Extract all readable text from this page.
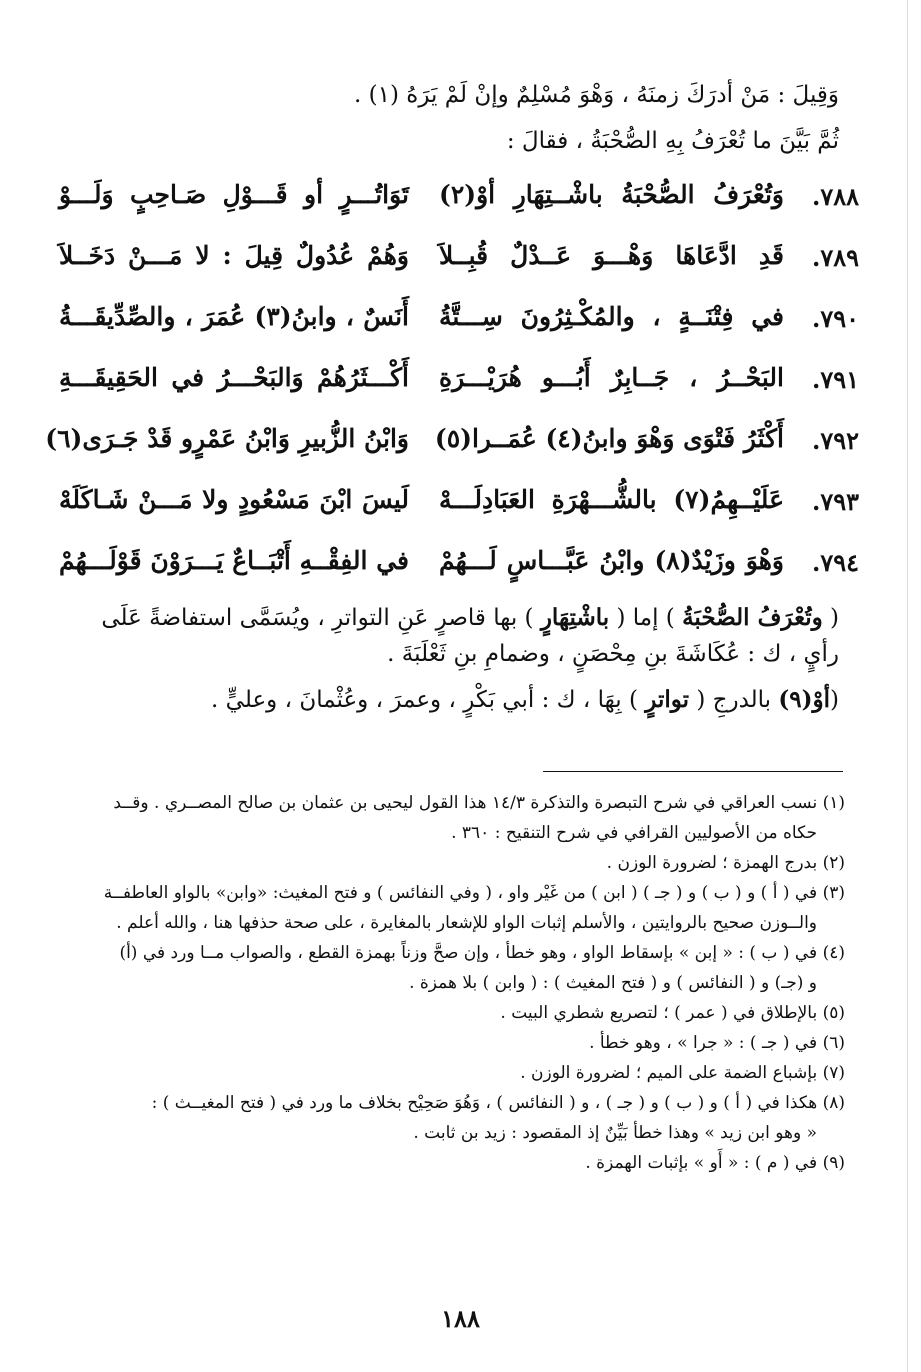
وَقِيلَ : مَنْ أدرَكَ زمنَهُ ، وَهْوَ مُسْلِمٌ وإنْ لَمْ يَرَهُ (١) .
ثُمَّ بَيَّنَ ما تُعْرَفُ بِهِ الصُّحْبَةُ ، فقالَ :
٧٨٨.
وَتُعْرَفُ الصُّحْبَةُ باشْــتِهَارِ أوْ(٢)
تَوَاتُـــرٍ أو قَـــوْلِ صَـاحِبٍ وَلَـــوْ
٧٨٩.
قَدِ ادَّعَاهَا وَهْـــوَ عَــدْلٌ قُبِــلاَ
وَهُمْ عُدُولٌ قِيلَ : لا مَـــنْ دَخَــلاَ
٧٩٠.
في فِتْنَــةٍ ، والمُكْـثِرُونَ سِـــتَّةُ
أَنَسٌ ، وابنُ(٣) عُمَرَ ، والصِّدِّيقَـــةُ
٧٩١.
البَحْــرُ ، جَــابِرٌ أَبُـــو هُرَيْـــرَةِ
أَكْـــثَرُهُمْ وَالبَحْـــرُ في الحَقِيقَـــةِ
٧٩٢.
أَكْثَرُ فَتْوَى وَهْوَ وابنُ(٤) عُمَــرا(٥)
وَابْنُ الزُّبيرِ وَابْنُ عَمْرٍو قَدْ جَـرَى(٦)
٧٩٣.
عَلَيْــهِمُ(٧) بالشُّـــهْرَةِ العَبَادِلَـــهْ
لَيسَ ابْنَ مَسْعُودٍ ولا مَـــنْ شَـاكَلَهْ
٧٩٤.
وَهْوَ وزَيْدٌ(٨) وابْنُ عَبَّـــاسٍ لَـــهُمْ
في الفِقْــهِ أَتْبَــاعٌ يَـــرَوْنَ قَوْلَـــهُمْ

( وتُعْرَفُ الصُّحْبَةُ ) إما ( باشْتِهَارٍ ) بها قاصرٍ عَنِ التواترِ ، ويُسَمَّى استفاضةً عَلَى رأيٍ ، ك : عُكَاشَةَ بنِ مِحْصَنٍ ، وضمامِ بنِ ثَعْلَبَةَ .

(أوْ(٩) بالدرجِ ( تواترٍ ) بِهَا ، ك : أبي بَكْرٍ ، وعمرَ ، وعُثْمانَ ، وعليٍّ .

(١) نسب العراقي في شرح التبصرة والتذكرة ١٤/٣ هذا القول ليحيى بن عثمان بن صالح المصــري . وقــد
حكاه من الأصوليين القرافي في شرح التنقيح : ٣٦٠ .

(٢) بدرج الهمزة ؛ لضرورة الوزن .

(٣) في ( أ ) و ( ب ) و ( جـ ) ( ابن ) من غَيْر واو ، ( وفي النفائس ) و فتح المغيث: «وابن» بالواو العاطفــة
والــوزن صحيح بالروايتين ، والأسلم إثبات الواو للإشعار بالمغايرة ، على صحة حذفها هنا ، والله أعلم .

(٤) في ( ب ) : « إبن » بإسقاط الواو ، وهو خطأ ، وإن صحَّ وزناً بهمزة القطع ، والصواب مــا ورد في (أ)
و (جـ) و ( النفائس ) و ( فتح المغيث ) : ( وابن ) بلا همزة .

(٥) بالإطلاق في ( عمر ) ؛ لتصريع شطري البيت .

(٦) في ( جـ ) : « جرا » ، وهو خطأ .

(٧) بإشباع الضمة على الميم ؛ لضرورة الوزن .

(٨) هكذا في ( أ ) و ( ب ) و ( جـ ) ، و ( النفائس ) ، وَهُوَ صَحِيْح بخلاف ما ورد في ( فتح المغيــث ) :
« وهو ابن زيد » وهذا خطأ بَيِّنٌ إذ المقصود : زيد بن ثابت .

(٩) في ( م ) : « أَو » بإثبات الهمزة .

١٨٨
